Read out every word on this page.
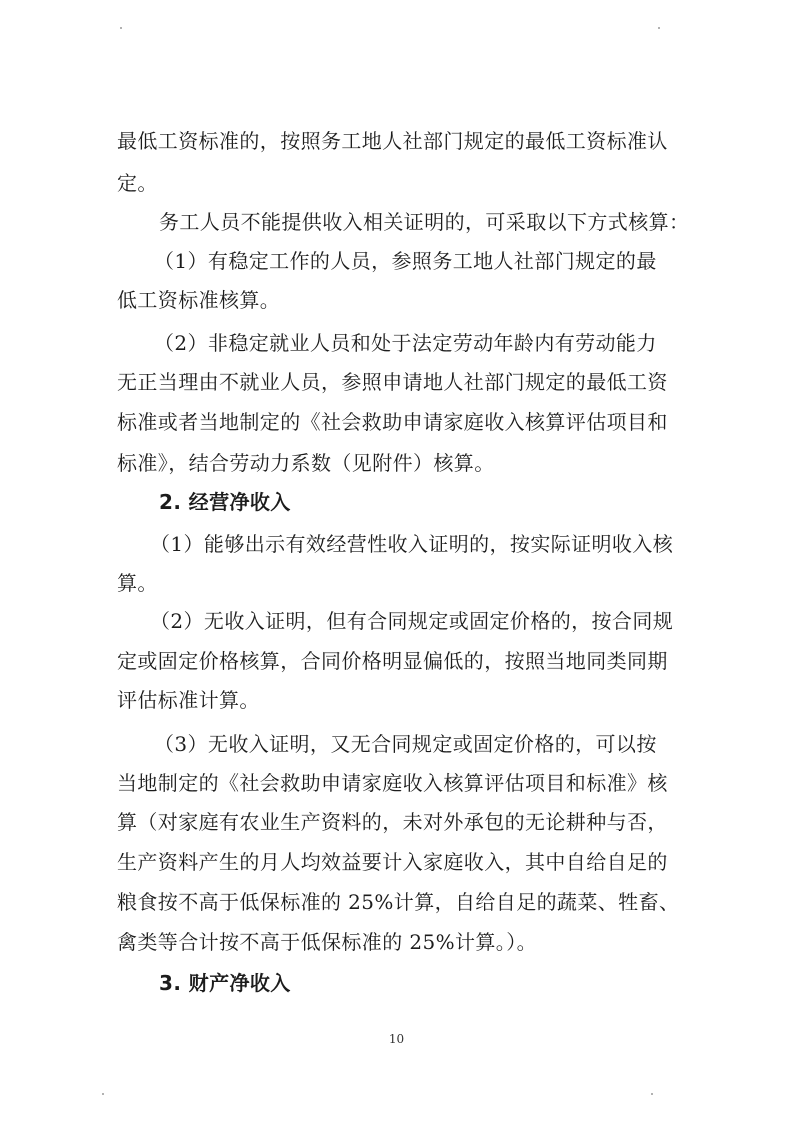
最低工资标准的，按照务工地人社部门规定的最低工资标准认
定。
务工人员不能提供收入相关证明的，可采取以下方式核算：
（1）有稳定工作的人员，参照务工地人社部门规定的最
低工资标准核算。
（2）非稳定就业人员和处于法定劳动年龄内有劳动能力
无正当理由不就业人员，参照申请地人社部门规定的最低工资
标准或者当地制定的《社会救助申请家庭收入核算评估项目和
标准》，结合劳动力系数（见附件）核算。
2. 经营净收入
（1）能够出示有效经营性收入证明的，按实际证明收入核
算。
（2）无收入证明，但有合同规定或固定价格的，按合同规
定或固定价格核算，合同价格明显偏低的，按照当地同类同期
评估标准计算。
（3）无收入证明，又无合同规定或固定价格的，可以按
当地制定的《社会救助申请家庭收入核算评估项目和标准》核
算（对家庭有农业生产资料的，未对外承包的无论耕种与否，
生产资料产生的月人均效益要计入家庭收入，其中自给自足的
粮食按不高于低保标准的 25%计算，自给自足的蔬菜、牲畜、
禽类等合计按不高于低保标准的 25%计算。）。
3. 财产净收入
10
